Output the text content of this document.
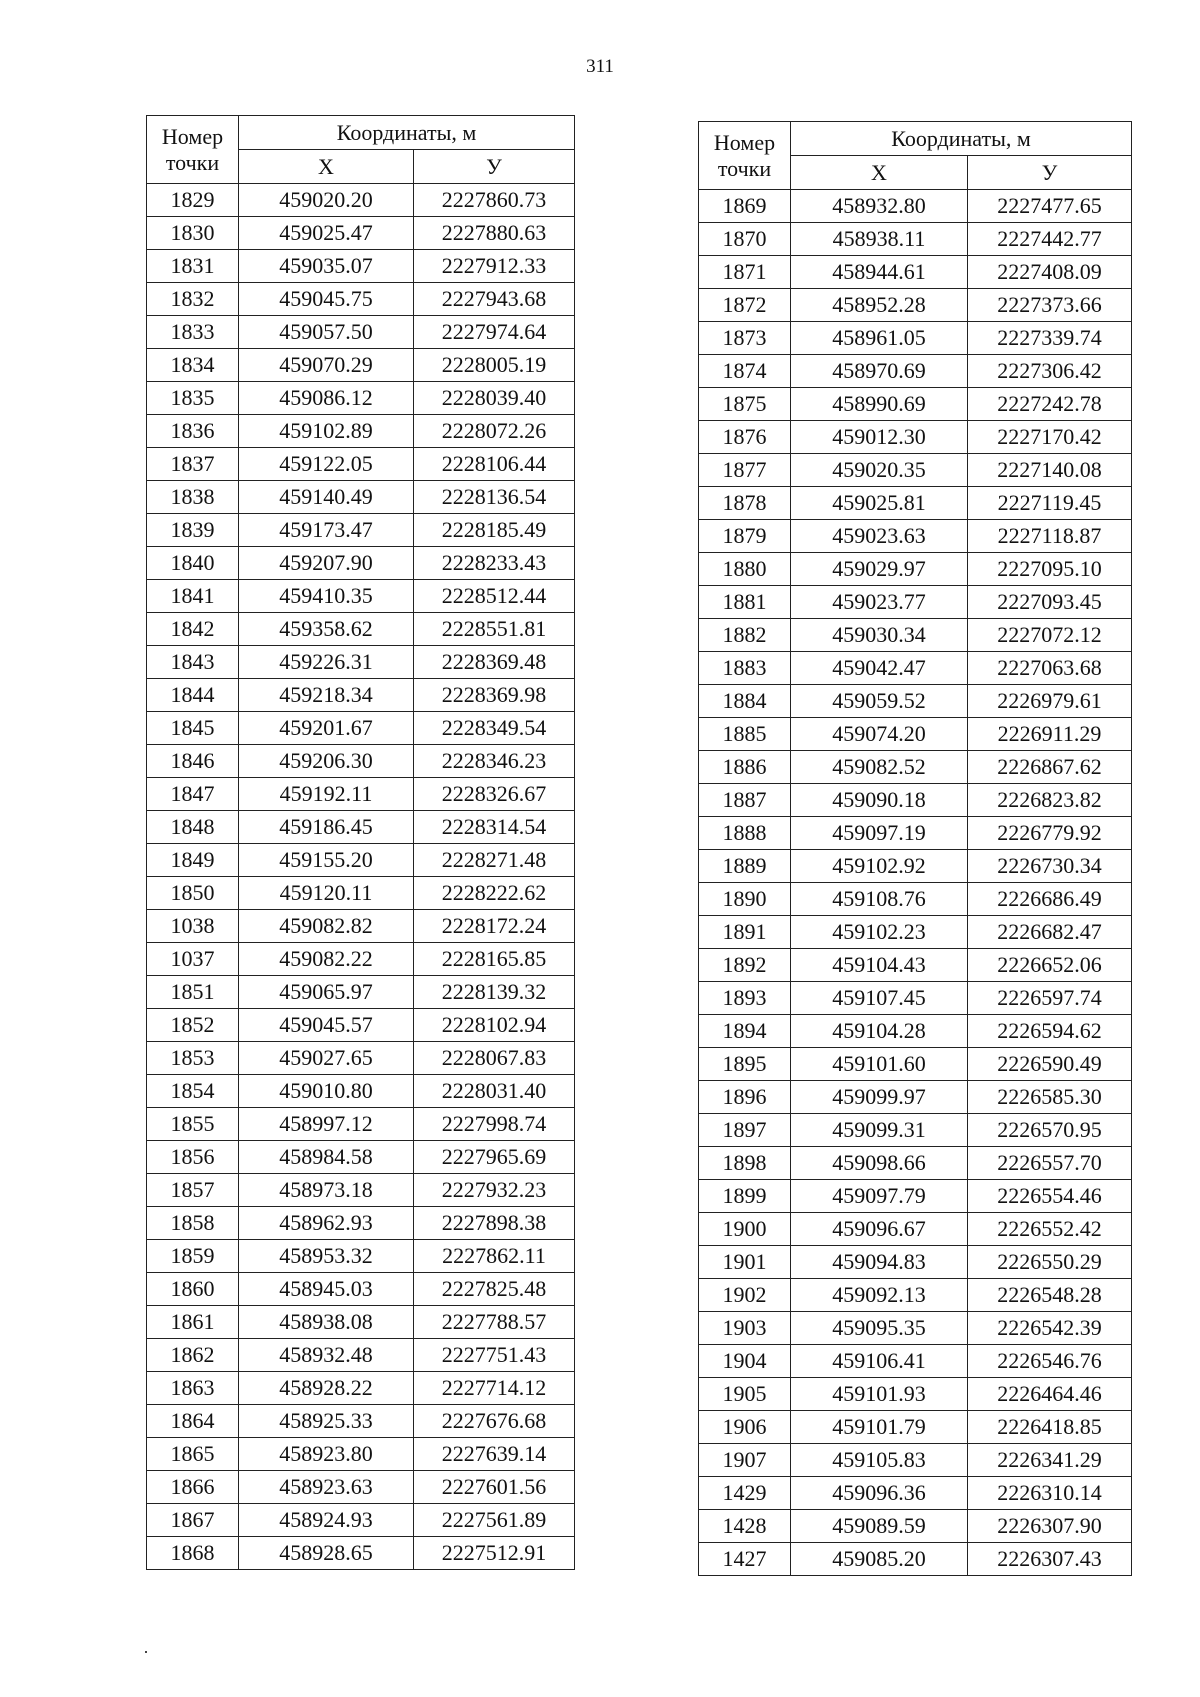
311
Номер
точки	Координаты, м	
	Х	У
1829	459020.20	2227860.73
1830	459025.47	2227880.63
1831	459035.07	2227912.33
1832	459045.75	2227943.68
1833	459057.50	2227974.64
1834	459070.29	2228005.19
1835	459086.12	2228039.40
1836	459102.89	2228072.26
1837	459122.05	2228106.44
1838	459140.49	2228136.54
1839	459173.47	2228185.49
1840	459207.90	2228233.43
1841	459410.35	2228512.44
1842	459358.62	2228551.81
1843	459226.31	2228369.48
1844	459218.34	2228369.98
1845	459201.67	2228349.54
1846	459206.30	2228346.23
1847	459192.11	2228326.67
1848	459186.45	2228314.54
1849	459155.20	2228271.48
1850	459120.11	2228222.62
1038	459082.82	2228172.24
1037	459082.22	2228165.85
1851	459065.97	2228139.32
1852	459045.57	2228102.94
1853	459027.65	2228067.83
1854	459010.80	2228031.40
1855	458997.12	2227998.74
1856	458984.58	2227965.69
1857	458973.18	2227932.23
1858	458962.93	2227898.38
1859	458953.32	2227862.11
1860	458945.03	2227825.48
1861	458938.08	2227788.57
1862	458932.48	2227751.43
1863	458928.22	2227714.12
1864	458925.33	2227676.68
1865	458923.80	2227639.14
1866	458923.63	2227601.56
1867	458924.93	2227561.89
1868	458928.65	2227512.91
Номер
точки	Координаты, м	
	Х	У
1869	458932.80	2227477.65
1870	458938.11	2227442.77
1871	458944.61	2227408.09
1872	458952.28	2227373.66
1873	458961.05	2227339.74
1874	458970.69	2227306.42
1875	458990.69	2227242.78
1876	459012.30	2227170.42
1877	459020.35	2227140.08
1878	459025.81	2227119.45
1879	459023.63	2227118.87
1880	459029.97	2227095.10
1881	459023.77	2227093.45
1882	459030.34	2227072.12
1883	459042.47	2227063.68
1884	459059.52	2226979.61
1885	459074.20	2226911.29
1886	459082.52	2226867.62
1887	459090.18	2226823.82
1888	459097.19	2226779.92
1889	459102.92	2226730.34
1890	459108.76	2226686.49
1891	459102.23	2226682.47
1892	459104.43	2226652.06
1893	459107.45	2226597.74
1894	459104.28	2226594.62
1895	459101.60	2226590.49
1896	459099.97	2226585.30
1897	459099.31	2226570.95
1898	459098.66	2226557.70
1899	459097.79	2226554.46
1900	459096.67	2226552.42
1901	459094.83	2226550.29
1902	459092.13	2226548.28
1903	459095.35	2226542.39
1904	459106.41	2226546.76
1905	459101.93	2226464.46
1906	459101.79	2226418.85
1907	459105.83	2226341.29
1429	459096.36	2226310.14
1428	459089.59	2226307.90
1427	459085.20	2226307.43
